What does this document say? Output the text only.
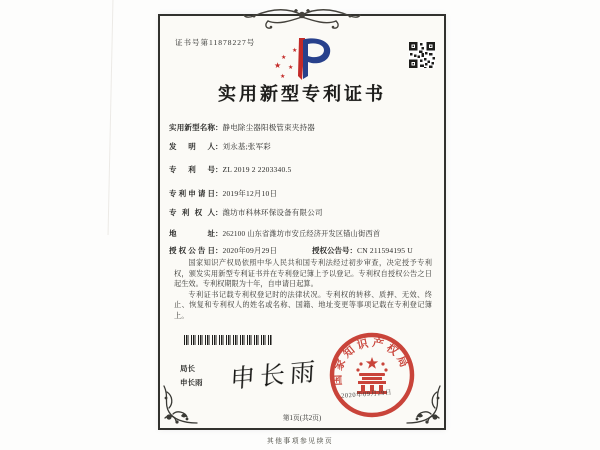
证书号第11878227号
★
★
★
★
★
实用新型专利证书
实用新型名称：静电除尘器阳极管束夹持器
发明人：刘永基;张军彩
专利号：ZL 2019 2 2203340.5
专利申请日：2019年12月10日
专利权人：潍坊市科林环保设备有限公司
地址：262100 山东省潍坊市安丘经济开发区锚山街西首
授权公告日：2020年09月29日	授权公告号：CN 211594195 U

国家知识产权局依照中华人民共和国专利法经过初步审查，决定授予专利权，颁发实用新型专利证书并在专利登记簿上予以登记。专利权自授权公告之日起生效。专利权期限为十年，自申请日起算。

专利证书记载专利权登记时的法律状况。专利权的转移、质押、无效、终止、恢复和专利权人的姓名或名称、国籍、地址变更等事项记载在专利登记簿上。

局长
申长雨 申长雨	国家知识产权局
2020年09月29日
第1页(共2页)
其他事项参见续页
